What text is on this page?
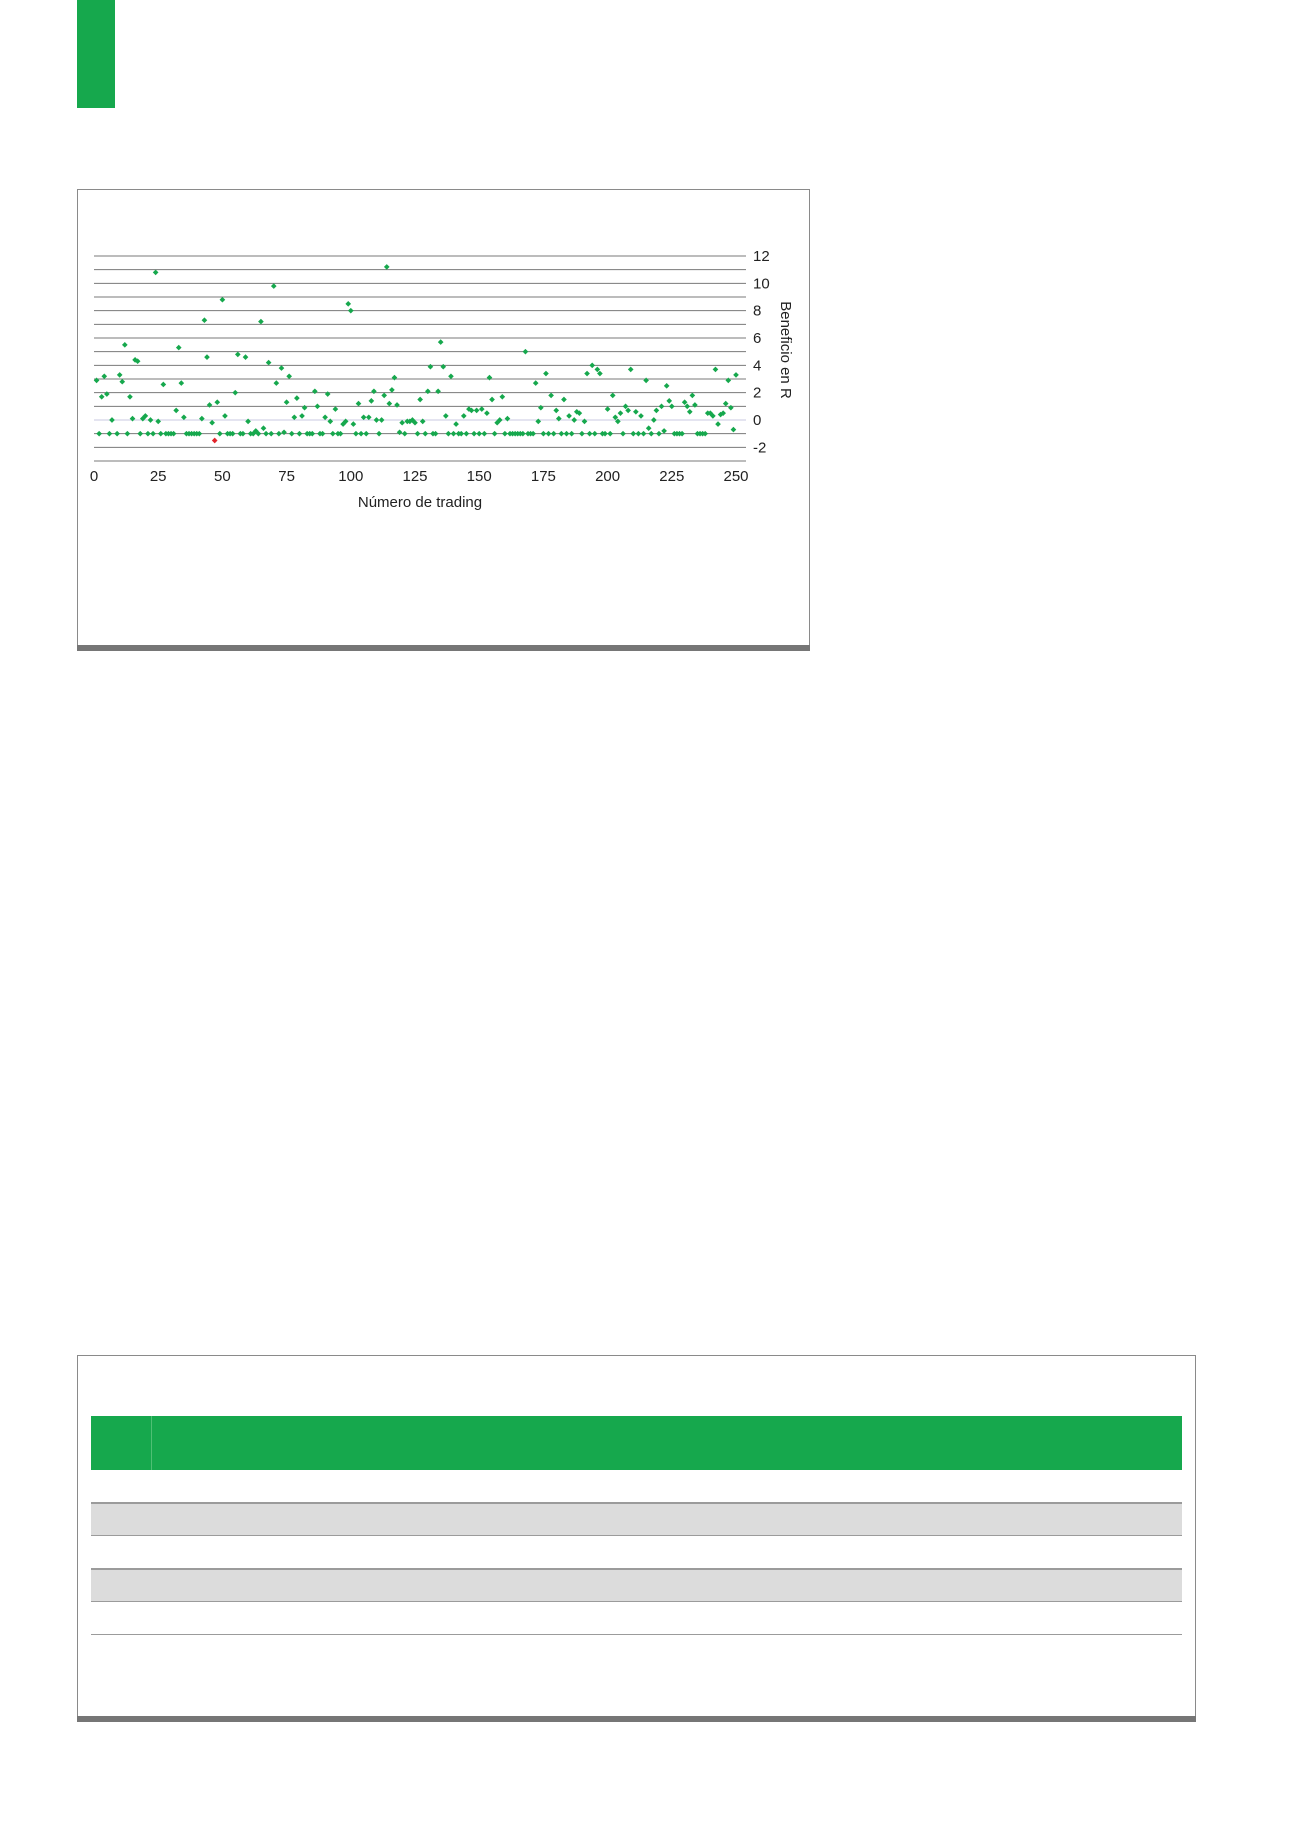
12
10
8
6
4
2
0
-2
0	25	50	75	100	125	150	175	200	225	250
Número de trading
Beneficio en R
